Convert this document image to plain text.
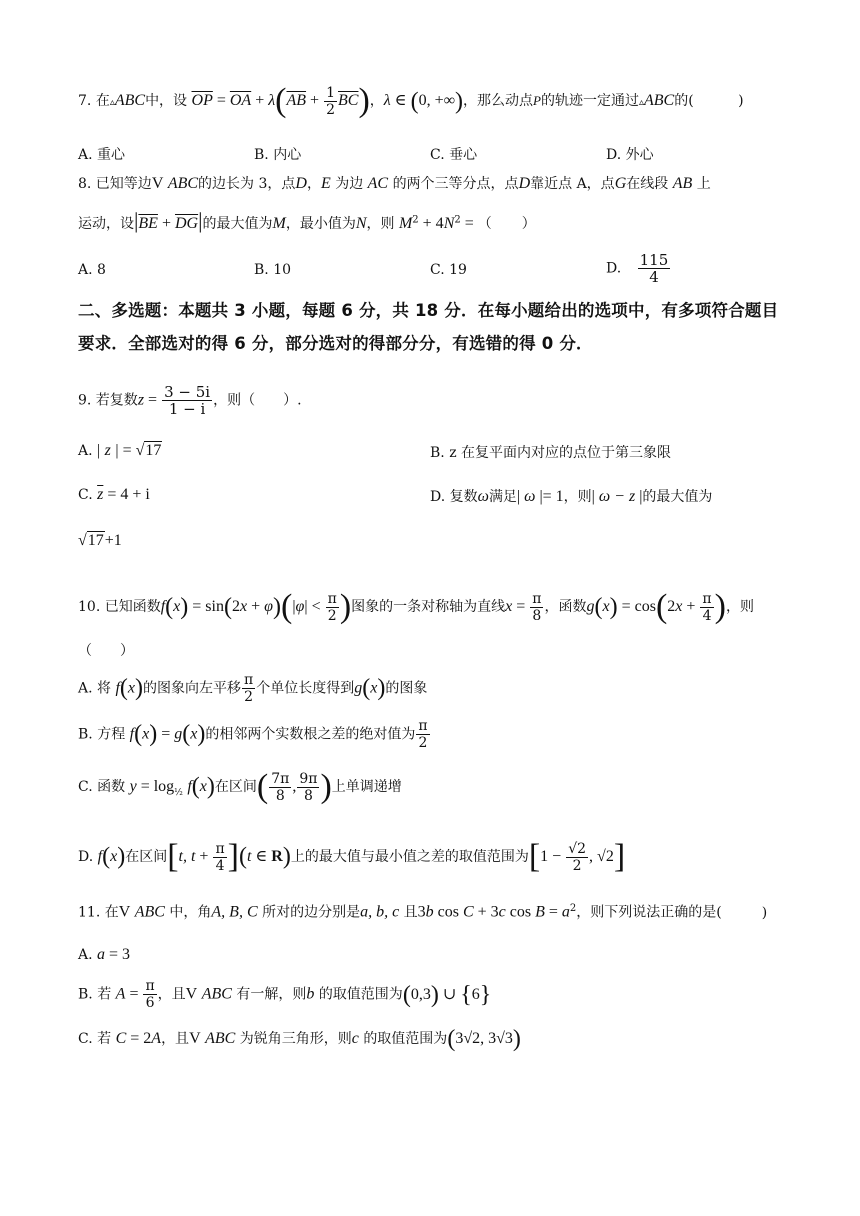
7. 在▵ABC中，设 $\overline{OP} = \overline{OA} + \lambda(\overline{AB} + \frac{1}{2} \overline{BC})$，λ ∈ (0, +∞)，那么动点P的轨迹一定通过▵ABC的(	)
A. 重心	B. 内心	C. 垂心	D. 外心
8. 已知等边V ABC的边长为 3，点D，E 为边 AC 的两个三等分点，点D靠近点 A，点G在线段 AB 上
运动，设$|\overline{BE} + \overline{DG}|$的最大值为M，最小值为N，则 $M^2 + 4N^2$ = （ ）
A. 8	B. 10	C. 19	D. $\frac{115}{4}$
二、多选题：本题共 3 小题，每题 6 分，共 18 分．在每小题给出的选项中，有多项符合题目要求．全部选对的得 6 分，部分选对的得部分分，有选错的得 0 分．
9. 若复数$z = \frac{3 - 5i}{1 - i}$ ，则（　　）.
A. | z | = √17	B. z 在复平面内对应的点位于第三象限
C. $\overline{z} = 4 + i$	D. 复数ω满足| ω |= 1，则| ω − z |的最大值为
√17+1
10. 已知函数$f(x) = \sin(2x + \varphi)(|\varphi| < \frac{\pi}{2}$ )图象的一条对称轴为直线$x = \frac{\pi}{8}$ ，函数$g(x) = \cos(2x + \frac{\pi}{4}$ )，则
（　　）
A. 将 f(x)的图象向左平移 $\frac{\pi}{2}$ 个单位长度得到g(x)的图象
B. 方程 f(x) = g(x)的相邻两个实数根之差的绝对值为 $\frac{\pi}{2}$
C. 函数 $y = \log_{\frac{1}{2}} f(x)$在区间( $\frac{7\pi}{8}$ , $\frac{9\pi}{8}$ )上单调递增
D. f(x)在区间[t, $t + \frac{\pi}{4} ](t$ ∈ R)上的最大值与最小值之差的取值范围为[$1 - \frac{√2}{2}$ , √2]
11. 在V ABC 中，角A, B, C 所对的边分别是a, b, c 且3b cos C + 3c $\cos B = a^2$，则下列说法正确的是(	)
A. a = 3
B. 若 $A = \frac{\pi}{6}$ ，且V ABC 有一解，则b 的取值范围为(0,3) ∪ {6}
C. 若 C = 2A，且V ABC 为锐角三角形，则c 的取值范围为(3√2, 3√3)
